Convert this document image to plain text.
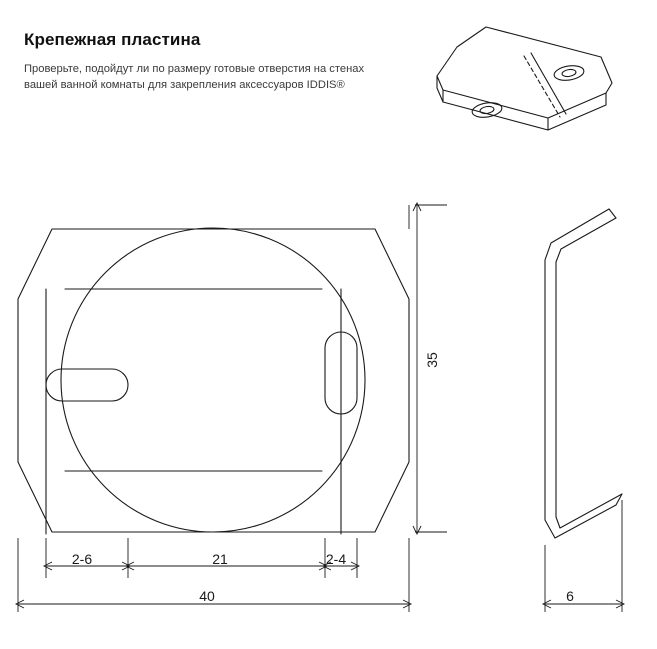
Крепежная пластина
Проверьте, подойдут ли по размеру готовые отверстия на стенах вашей ванной комнаты для закрепления аксессуаров IDDIS®
35
2-6	21	2-4
40	6
